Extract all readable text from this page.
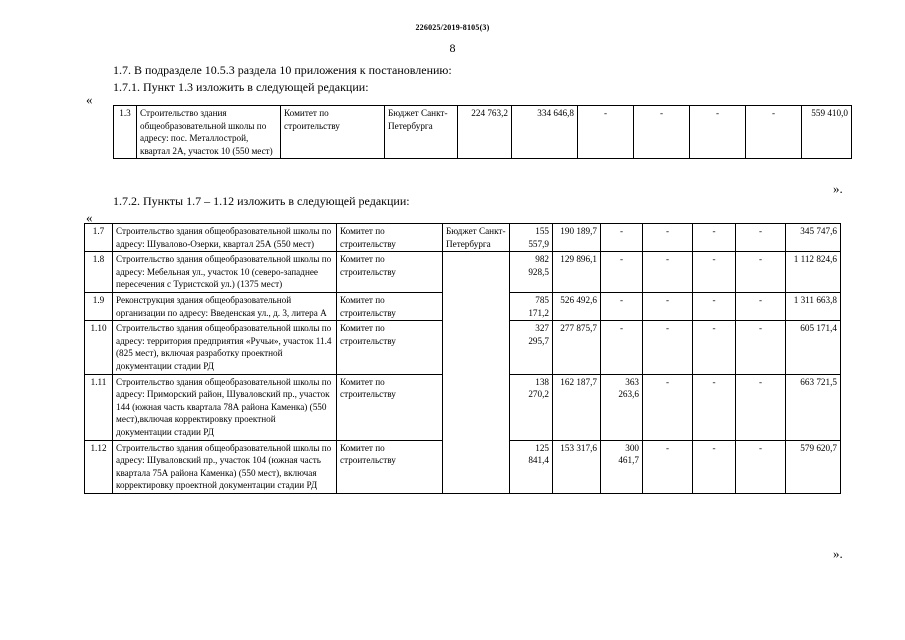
226025/2019-8105(3)
8
1.7. В подразделе 10.5.3 раздела 10 приложения к постановлению:
1.7.1. Пункт 1.3 изложить в следующей редакции:
«
1.3	Строительство здания общеобразовательной школы по адресу: пос. Металлострой, квартал 2А, участок 10 (550 мест)	Комитет по строительству	Бюджет Санкт-Петербурга	224 763,2	334 646,8	-	-	-	-	559 410,0
».
1.7.2. Пункты 1.7 – 1.12 изложить в следующей редакции:
«
1.7	Строительство здания общеобразовательной школы по адресу: Шувалово-Озерки, квартал 25А (550 мест)	Комитет по строительству	Бюджет Санкт-Петербурга	155 557,9	190 189,7	-	-	-	-	345 747,6
1.8	Строительство здания общеобразовательной школы по адресу: Мебельная ул., участок 10 (северо-западнее пересечения с Туристской ул.) (1375 мест)	Комитет по строительству		982 928,5	129 896,1	-	-	-	-	1 112 824,6
1.9	Реконструкция здания общеобразовательной организации по адресу: Введенская ул., д. 3, литера А	Комитет по строительству		785 171,2	526 492,6	-	-	-	-	1 311 663,8
1.10	Строительство здания общеобразовательной школы по адресу: территория предприятия «Ручьи», участок 11.4 (825 мест), включая разработку проектной документации стадии РД	Комитет по строительству		327 295,7	277 875,7	-	-	-	-	605 171,4
1.11	Строительство здания общеобразовательной школы по адресу: Приморский район, Шуваловский пр., участок 144 (южная часть квартала 78А района Каменка) (550 мест),включая корректировку проектной документации стадии РД	Комитет по строительству		138 270,2	162 187,7	363 263,6	-	-	-	663 721,5
1.12	Строительство здания общеобразовательной школы по адресу: Шуваловский пр., участок 104 (южная часть квартала 75А района Каменка) (550 мест), включая корректировку проектной документации стадии РД	Комитет по строительству		125 841,4	153 317,6	300 461,7	-	-	-	579 620,7
».
